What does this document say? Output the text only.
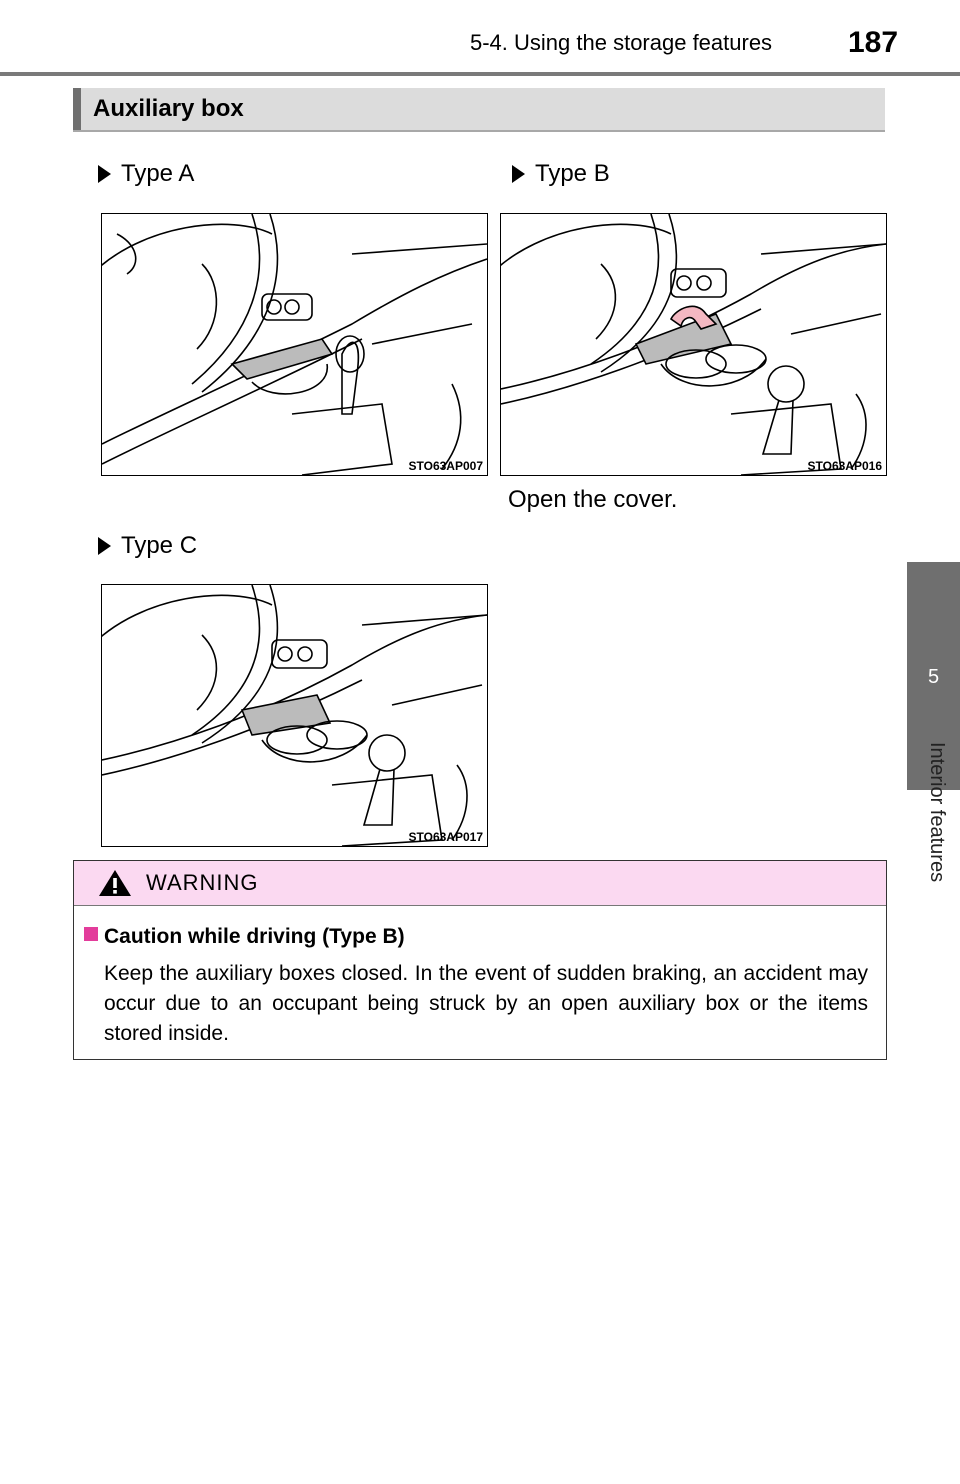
5-4. Using the storage features	187
5
Interior features
Auxiliary box
Type A
STO63AP007
Type B
STO63AP016
Open the cover.
Type C
STO63AP017
WARNING
Caution while driving (Type B)
Keep the auxiliary boxes closed. In the event of sudden braking, an accident may occur due to an occupant being struck by an open auxiliary box or the items stored inside.
